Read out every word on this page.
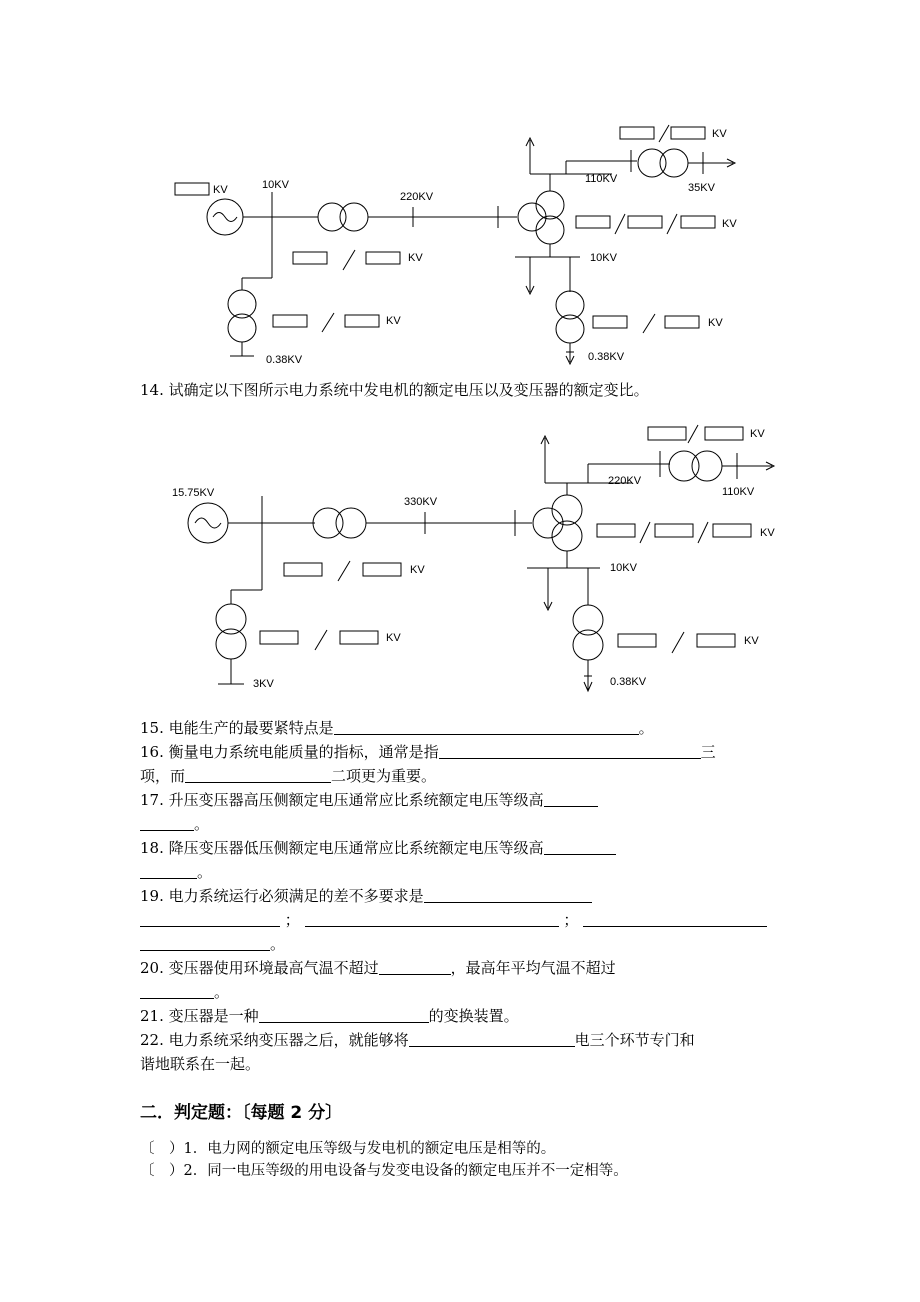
KV	10KV
220KV
110KV
35KV
10KV
0.38KV	0.38KV
KV
KV
KV
KV
KV
14. 试确定以下图所示电力系统中发电机的额定电压以及变压器的额定变比。
15.75KV
330KV
220KV
110KV
10KV
3KV	0.38KV
KV
KV
KV
KV
KV
15. 电能生产的最要紧特点是	。
16. 衡量电力系统电能质量的指标，通常是指	三
项，而	二项更为重要。
17. 升压变压器高压侧额定电压通常应比系统额定电压等级高
。
18. 降压变压器低压侧额定电压通常应比系统额定电压等级高
。
19. 电力系统运行必须满足的差不多要求是
；	；
。
20. 变压器使用环境最高气温不超过	，最高年平均气温不超过
。
21. 变压器是一种	的变换装置。
22. 电力系统采纳变压器之后，就能够将	电三个环节专门和
谐地联系在一起。
二．判定题：〔每题 2 分〕
〔　）1．电力网的额定电压等级与发电机的额定电压是相等的。
〔　）2．同一电压等级的用电设备与发变电设备的额定电压并不一定相等。
